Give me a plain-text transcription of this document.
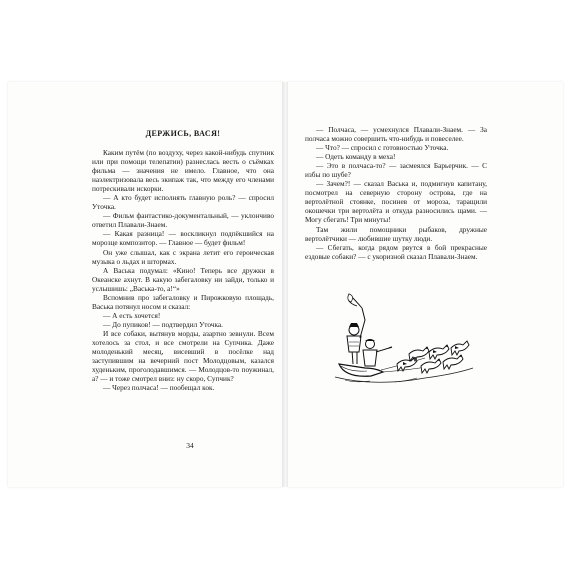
ДЕРЖИСЬ, ВАСЯ!

Каким путём (по воздуху, через какой-нибудь спутник или при помощи телепатии) разнеслась весть о съёмках фильма — значения не имело. Главное, что она наэлектризовала весь экипаж так, что между его членами потрескивали искорки.

— А кто будет исполнять главную роль? — спросил Уточка.

— Фильм фантастико-документальный, — уклончиво ответил Плавали-Знаем.

— Какая разница! — воскликнул подпёкшийся на морозце композитор. — Главное — будет фильм!

Он уже слышал, как с экрана летит его героическая музыка о льдах и штормах.

А Васька подумал: «Кино! Теперь все дружки в Океанске ахнут. В какую забегаловку ни зайди, только и услышишь: „Васька-то, а!“»

Вспомнив про забегаловку и Пирожковую площадь, Васька потянул носом и сказал:

— А есть хочется!

— До пупиков! — подтвердил Уточка.

И все собаки, вытянув морды, азартно зевнули. Всем хотелось за стол, и все смотрели на Супчика. Даже молоденький месяц, висевший в посёлке над заступившим на вечерний пост Молодцовым, казался худеньким, проголодавшимся. — Молодцов-то поужинал, а? — и тоже смотрел вниз: ну скоро, Супчик?

— Через полчаса! — пообещал кок.

34

— Полчаса, — усмехнулся Плавали-Знаем. — За полчаса можно совершить что-нибудь и повеселее.

— Что? — спросил с готовностью Уточка.

— Одеть команду в меха!

— Это в полчаса-то? — засмеялся Барьерчик. — С избы по шубе?

— Зачем?! — сказал Васька и, подмигнув капитану, посмотрел на северную сторону острова, где на вертолётной стоянке, посинев от мороза, таращили окошечки три вертолёта и откуда разносились щами. — Могу сбегать! Три минуты!

Там жили помощники рыбаков, дружные вертолётчики — любившие шутку люди.

— Сбегать, когда рядом рвутся в бой прекрасные ездовые собаки? — с укоризной сказал Плавали-Знаем.
